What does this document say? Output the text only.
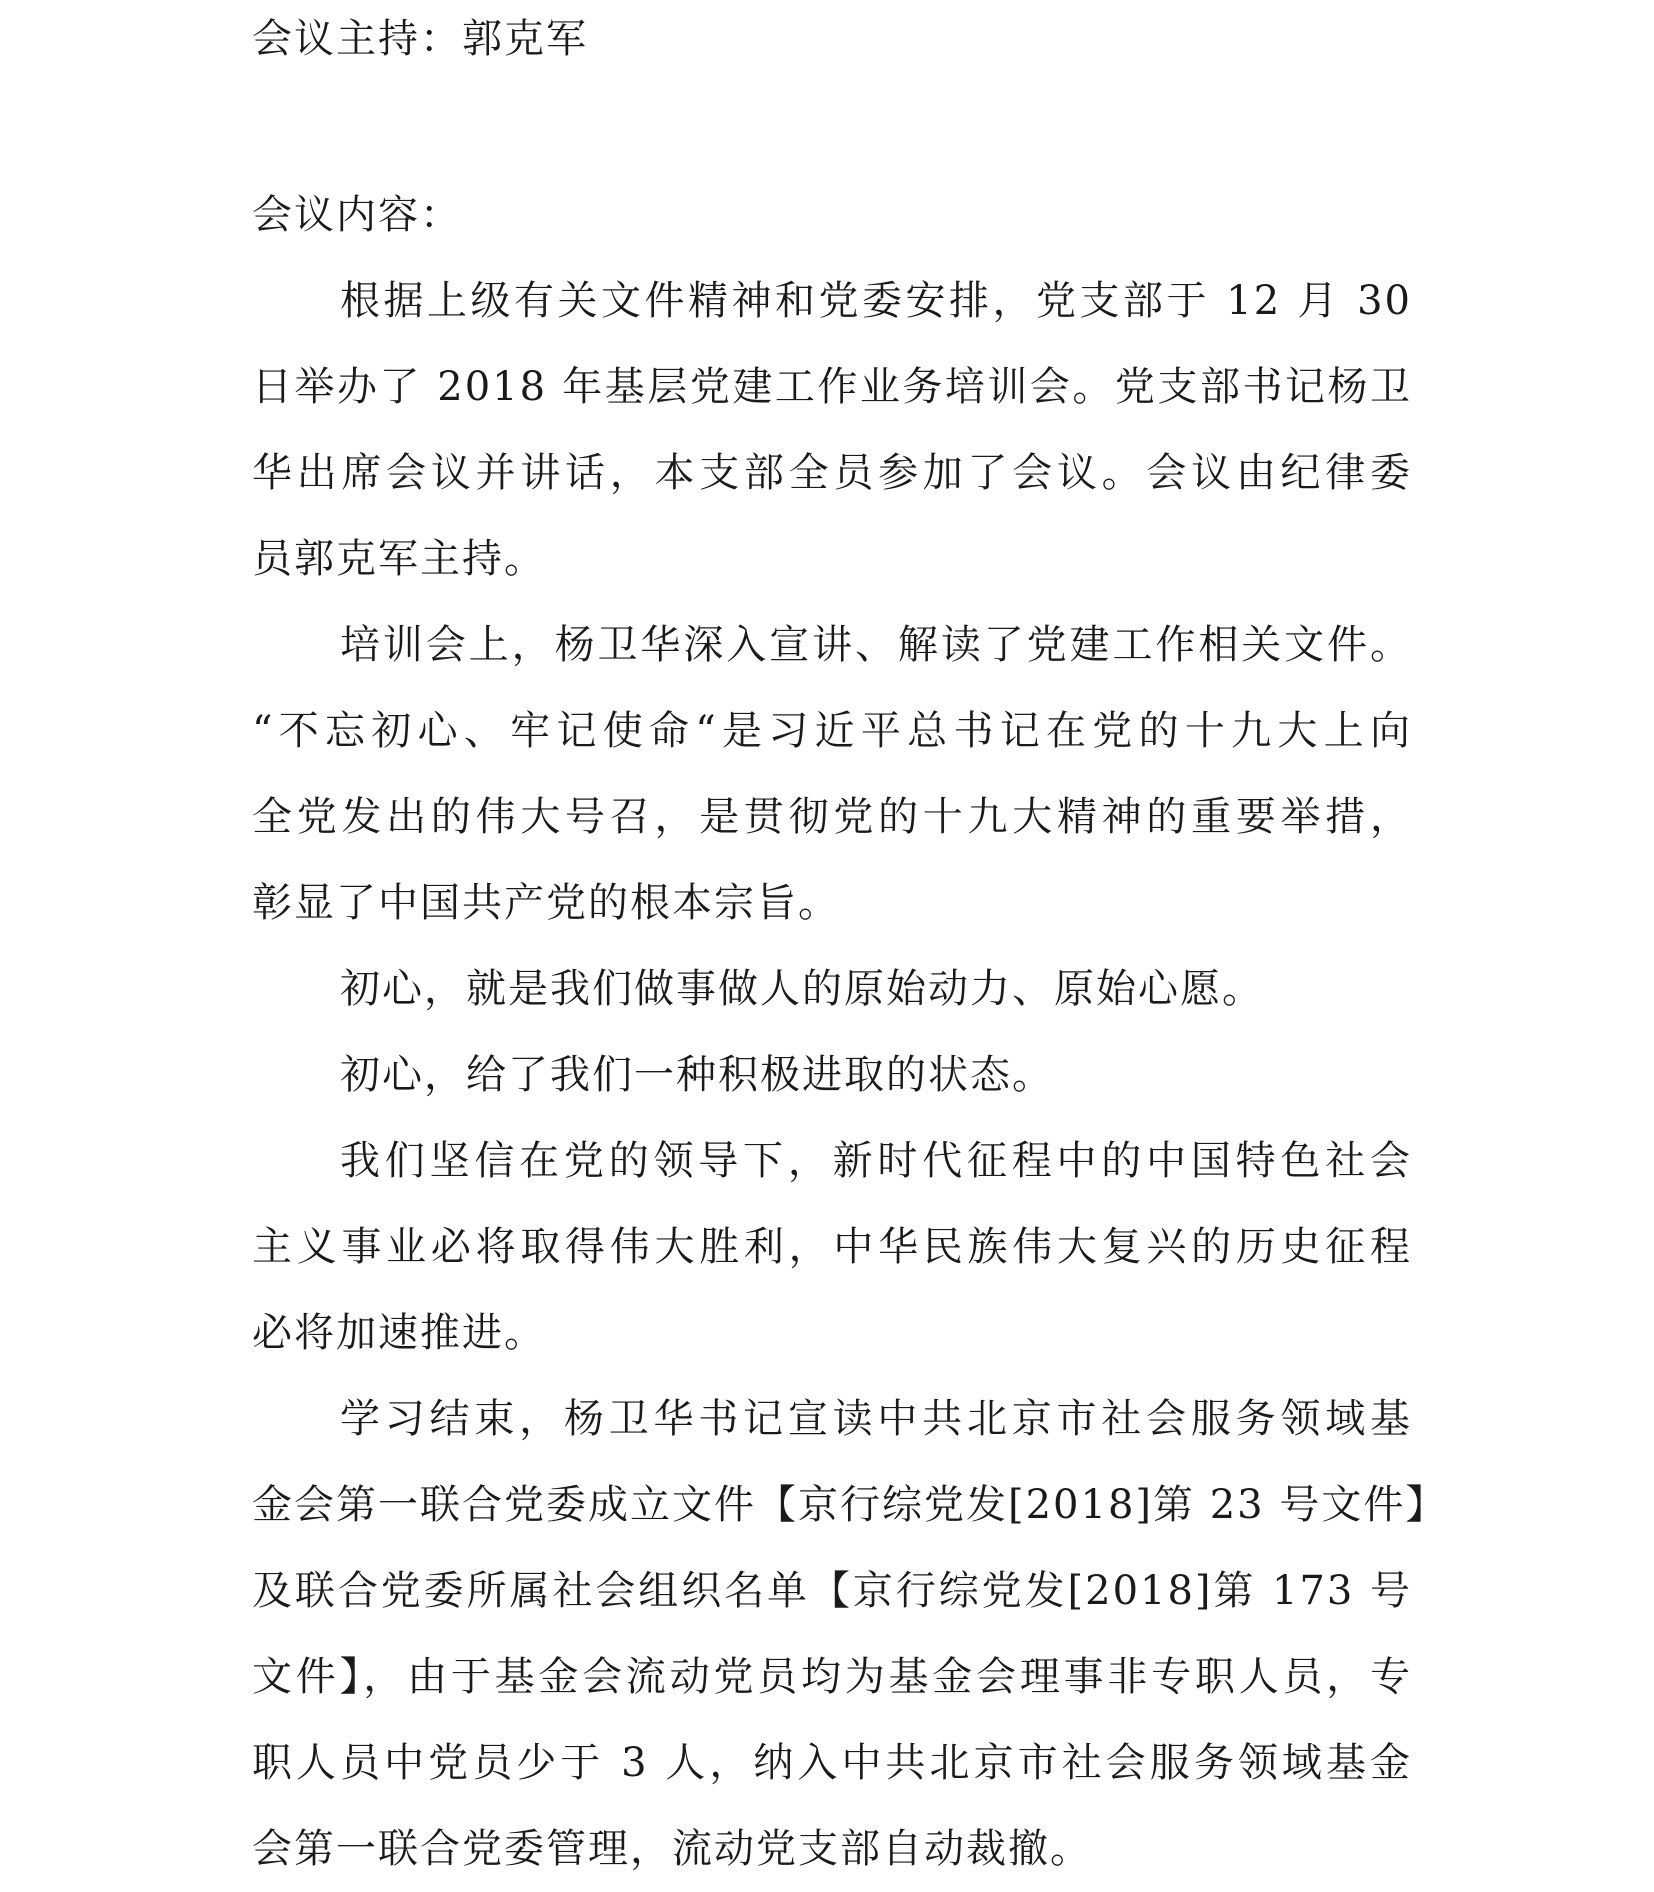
会议主持：郭克军
会议内容：
根据上级有关文件精神和党委安排，党支部于 12 月 30
日举办了 2018 年基层党建工作业务培训会。党支部书记杨卫
华出席会议并讲话，本支部全员参加了会议。会议由纪律委
员郭克军主持。
培训会上，杨卫华深入宣讲、解读了党建工作相关文件。
“不忘初心、牢记使命“是习近平总书记在党的十九大上向
全党发出的伟大号召，是贯彻党的十九大精神的重要举措，
彰显了中国共产党的根本宗旨。
初心，就是我们做事做人的原始动力、原始心愿。
初心，给了我们一种积极进取的状态。
我们坚信在党的领导下，新时代征程中的中国特色社会
主义事业必将取得伟大胜利，中华民族伟大复兴的历史征程
必将加速推进。
学习结束，杨卫华书记宣读中共北京市社会服务领域基
金会第一联合党委成立文件【京行综党发[2018]第 23 号文件】
及联合党委所属社会组织名单【京行综党发[2018]第 173 号
文件】，由于基金会流动党员均为基金会理事非专职人员，专
职人员中党员少于 3 人，纳入中共北京市社会服务领域基金
会第一联合党委管理，流动党支部自动裁撤。
